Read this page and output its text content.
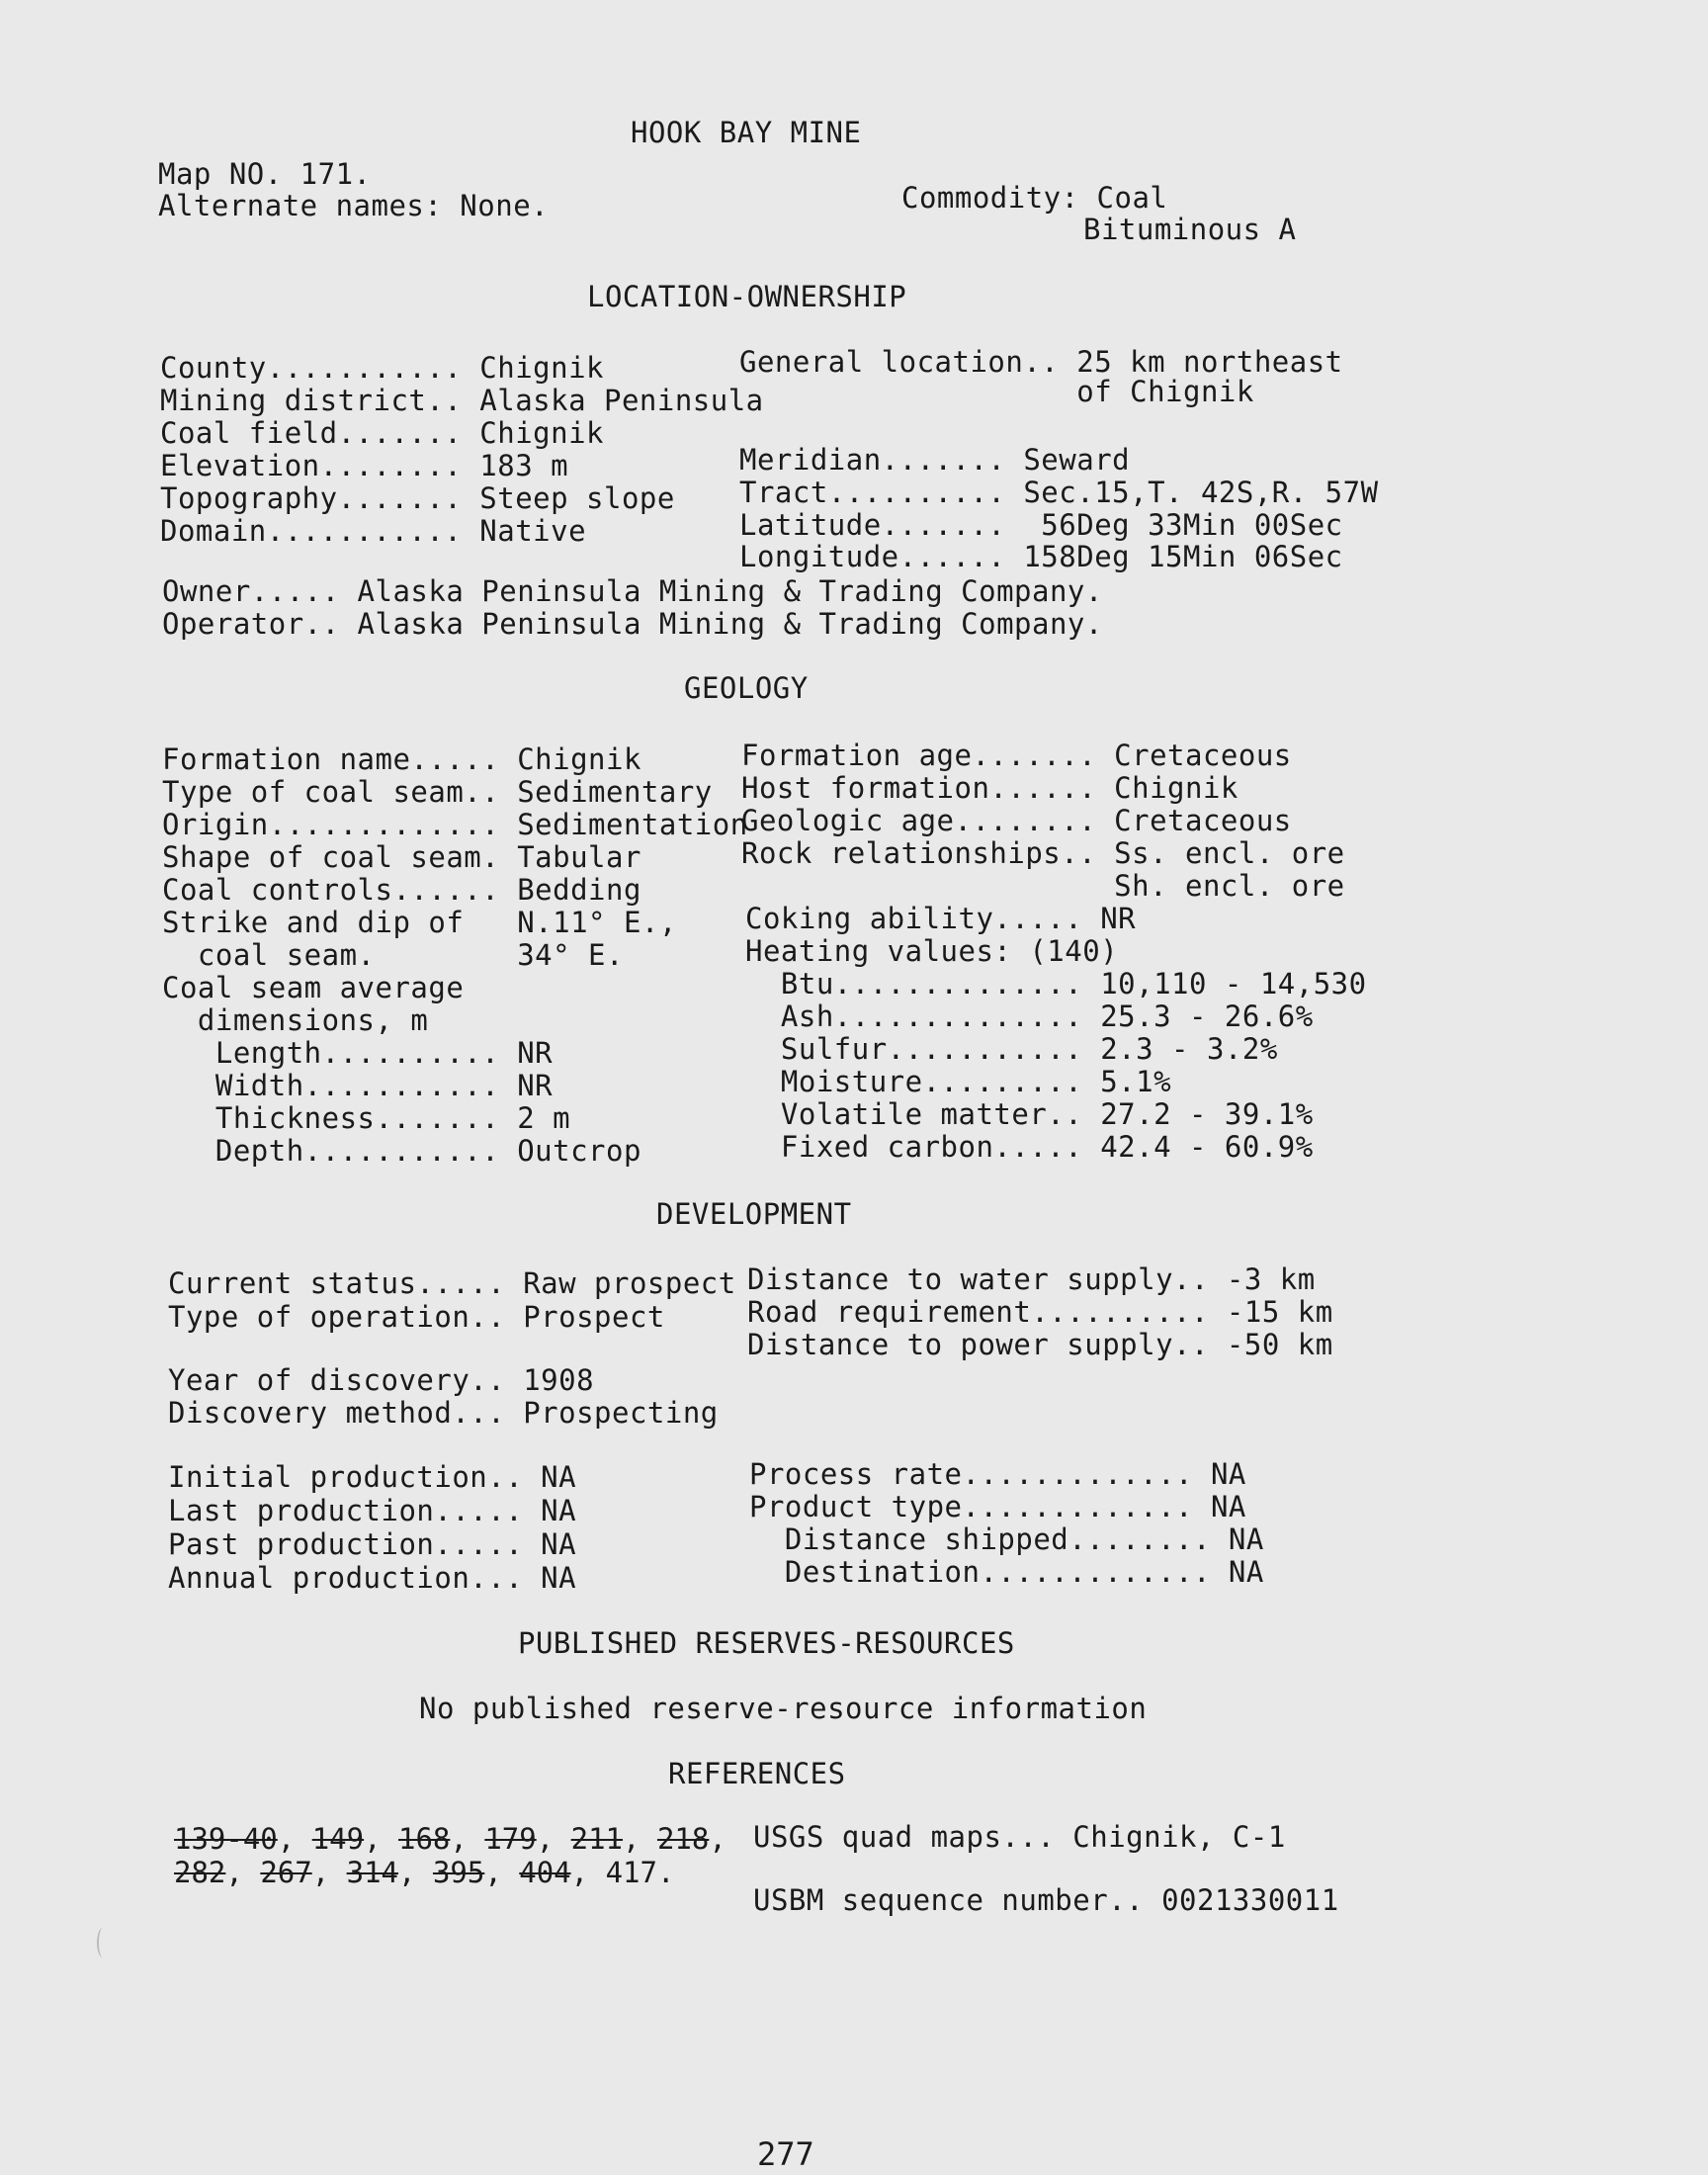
HOOK BAY MINE
Map NO. 171.
Alternate names: None.	Commodity: Coal
Bituminous A
LOCATION-OWNERSHIP
County........... Chignik
Mining district.. Alaska Peninsula
Coal field....... Chignik
Elevation........ 183 m
Topography....... Steep slope
Domain........... Native
General location.. 25 km northeast
of Chignik
Meridian....... Seward
Tract.......... Sec.15,T. 42S,R. 57W
Latitude.......  56Deg 33Min 00Sec
Longitude...... 158Deg 15Min 06Sec
Owner..... Alaska Peninsula Mining & Trading Company.
Operator.. Alaska Peninsula Mining & Trading Company.
GEOLOGY
Formation name..... Chignik
Type of coal seam.. Sedimentary
Origin............. Sedimentation
Shape of coal seam. Tabular
Coal controls...... Bedding
Strike and dip of   N.11° E.,
coal seam.        34° E.
Coal seam average
dimensions, m
Length.......... NR
Width........... NR
Thickness....... 2 m
Depth........... Outcrop
Formation age....... Cretaceous
Host formation...... Chignik
Geologic age........ Cretaceous
Rock relationships.. Ss. encl. ore
Sh. encl. ore
Coking ability..... NR
Heating values: (140)
Btu.............. 10,110 - 14,530
Ash.............. 25.3 - 26.6%
Sulfur........... 2.3 - 3.2%
Moisture......... 5.1%
Volatile matter.. 27.2 - 39.1%
Fixed carbon..... 42.4 - 60.9%
DEVELOPMENT
Current status..... Raw prospect
Type of operation.. Prospect
Distance to water supply.. -3 km
Road requirement.......... -15 km
Distance to power supply.. -50 km
Year of discovery.. 1908
Discovery method... Prospecting
Initial production.. NA
Last production..... NA
Past production..... NA
Annual production... NA
Process rate............. NA
Product type............. NA
Distance shipped........ NA
Destination............. NA
PUBLISHED RESERVES-RESOURCES
No published reserve-resource information
REFERENCES
139-40, 149, 168, 179, 211, 218,
282, 267, 314, 395, 404, 417.
USGS quad maps... Chignik, C-1
USBM sequence number.. 0021330011
277
